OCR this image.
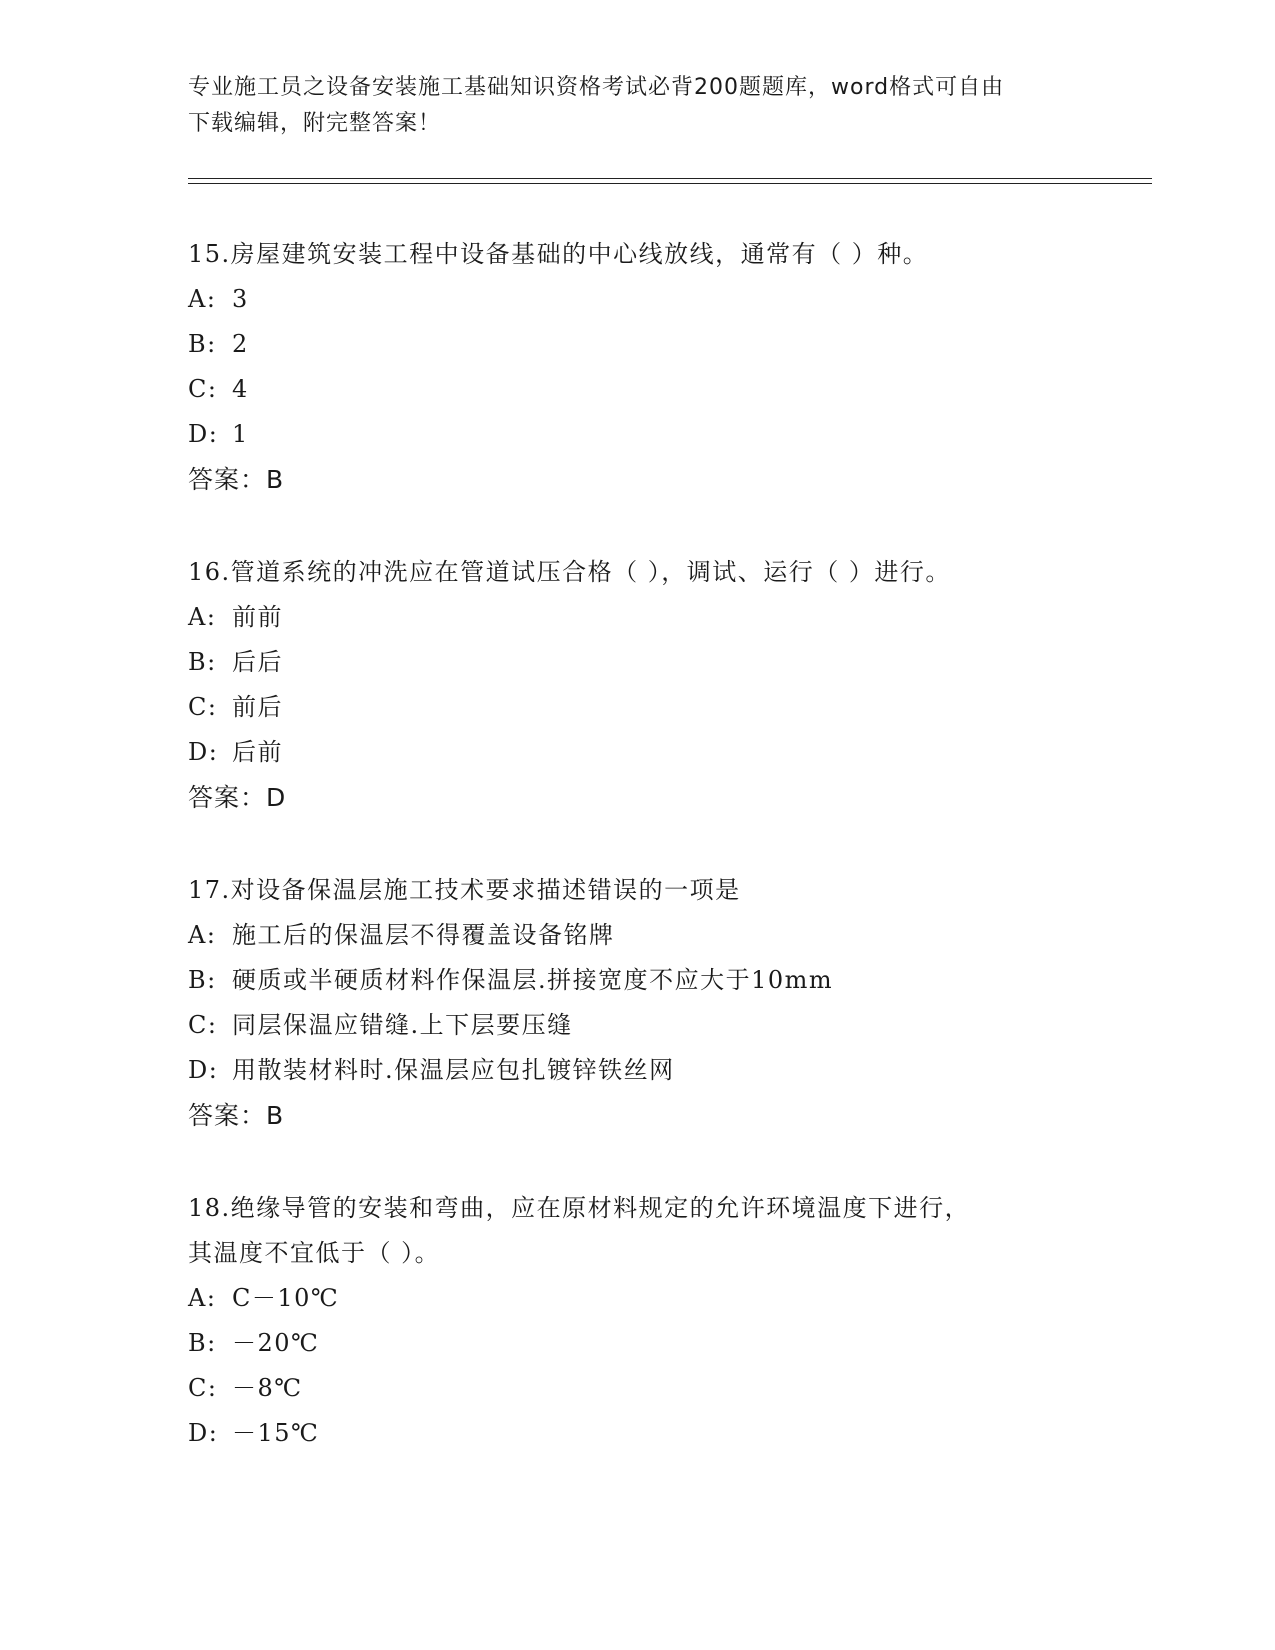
专业施工员之设备安装施工基础知识资格考试必背200题题库，word格式可自由
下载编辑，附完整答案！
15.房屋建筑安装工程中设备基础的中心线放线，通常有（ ）种。
A: 3
B: 2
C: 4
D: 1
答案：B
16.管道系统的冲洗应在管道试压合格（ ），调试、运行（ ）进行。
A: 前前
B: 后后
C: 前后
D: 后前
答案：D
17.对设备保温层施工技术要求描述错误的一项是
A: 施工后的保温层不得覆盖设备铭牌
B: 硬质或半硬质材料作保温层.拼接宽度不应大于10mm
C: 同层保温应错缝.上下层要压缝
D: 用散装材料时.保温层应包扎镀锌铁丝网
答案：B
18.绝缘导管的安装和弯曲，应在原材料规定的允许环境温度下进行，
其温度不宜低于（ ）。
A: C－10℃
B: －20℃
C: －8℃
D: －15℃
